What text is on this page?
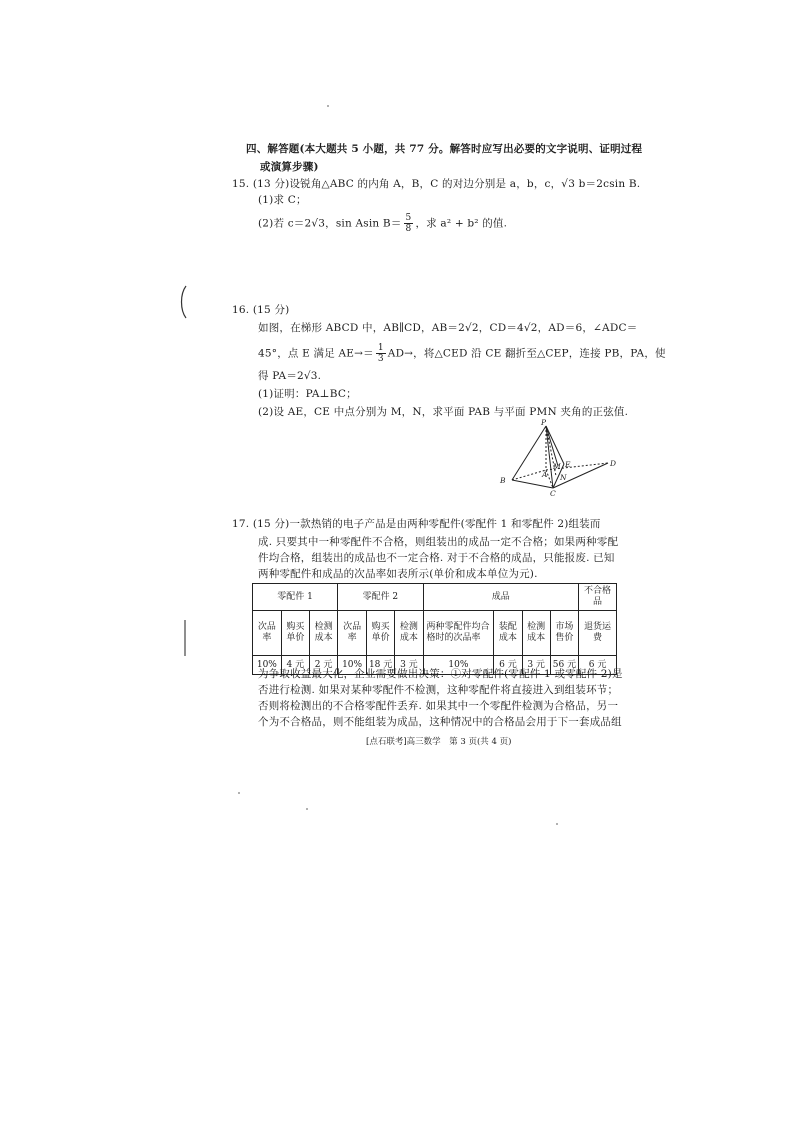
四、解答题(本大题共 5 小题，共 77 分。解答时应写出必要的文字说明、证明过程
或演算步骤)
15. (13 分)设锐角△ABC 的内角 A，B，C 的对边分别是 a，b，c，√3 b＝2csin B.
(1)求 C；
(2)若 c＝2√3，sin Asin $B= \frac{5}{8}$ ，求 a² + b² 的值.
16. (15 分)
如图，在梯形 ABCD 中，AB∥CD，AB＝2√2，CD＝4√2，AD＝6，∠ADC＝
45°，点 E 满足 $AE\to= \frac{1}{3} AD\to$，将△CED 沿 CE 翻折至△CEP，连接 PB，PA，使
得 PA＝2√3.
(1)证明：PA⊥BC；
(2)设 AE，CE 中点分别为 M，N，求平面 PAB 与平面 PMN 夹角的正弦值.
P
B
A
M E
N
C
D
17. (15 分)一款热销的电子产品是由两种零配件(零配件 1 和零配件 2)组装而
成. 只要其中一种零配件不合格，则组装出的成品一定不合格；如果两种零配
件均合格，组装出的成品也不一定合格. 对于不合格的成品，只能报废. 已知
两种零配件和成品的次品率如表所示(单价和成本单位为元).
零配件 1			零配件 2			成品				不合格品
次品率	购买单价	检测成本	次品率	购买单价	检测成本	两种零配件均合格时的次品率	装配成本	检测成本	市场售价	退货运费
10%	4 元	2 元	10%	18 元	3 元	10%	6 元	3 元	56 元	6 元
为争取收益最大化，企业需要做出决策：①对零配件(零配件 1 或零配件 2)是
否进行检测. 如果对某种零配件不检测，这种零配件将直接进入到组装环节；
否则将检测出的不合格零配件丢弃. 如果其中一个零配件检测为合格品，另一
个为不合格品，则不能组装为成品，这种情况中的合格品会用于下一套成品组
[点石联考]高三数学　第 3 页(共 4 页)
